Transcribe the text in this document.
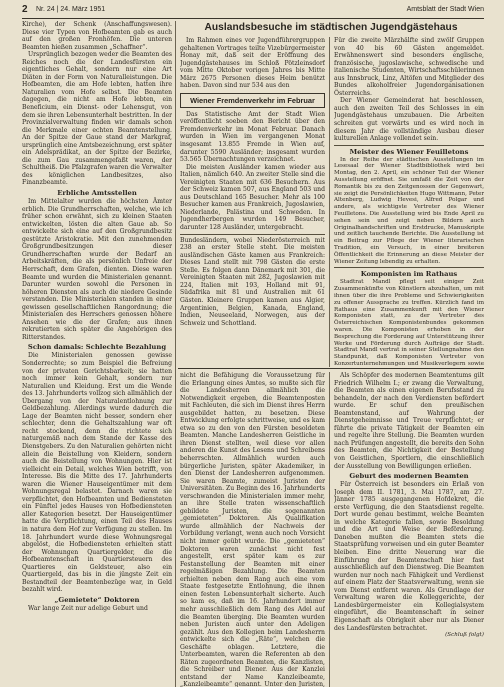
2 Nr. 24 | 24. März 1951	Amtsblatt der Stadt Wien

Kirche), der Schenk (Anschaffungswesen). Diese vier Typen von Hofbeamten gab es auch auf den großen Fronhöfen. Die unteren Beamten hießen zusammen „Schaffner“.

Ursprünglich bezogen weder die Beamten des Reiches noch die der Landesfürsten ein eigentliches Gehalt, sondern nur eine Art Diäten in der Form von Naturalleistungen. Die Hofbeamten, die am Hofe lebten, hatten ihre Naturalien vom Hofe selbst. Die Beamten dagegen, die nicht am Hofe lebten, ein Beneficium, ein Dienst- oder Lehensgut, von dem sie ihren Lebensunterhalt bestritten. In der Provinzialverwaltung finden wir damals schon die Merkmale einer echten Beamtenstellung. An der Spitze der Gaue stand der Markgraf, ursprünglich eine Amtsbezeichnung, erst später ein Adelsprädikat, an der Spitze der Bezirke, die zum Gau zusammengefaßt waren, der Schultheiß. Die Pfalzgrafen waren die Verwalter des königlichen Landbesitzes, also Finanzbeamte.

Erbliche Amtsstellen

Im Mittelalter wurden die höchsten Ämter erblich. Die Grundherrschaften, welche, wie ich früher schon erwähnt, sich zu kleinen Staaten entwickelten, lösten die alten Gaue ab. So entwickelte sich eine auf den Großgrundbesitz gestützte Aristokratie. Mit den zunehmenden Großgrundbesitzungen dieser Grundherrschaften wurde der Bedarf an Arbeitskräften, die als persönlich Unfreie der Herrschaft, dem Grafen, dienten. Diese waren Beamte und wurden die Ministerialen genannt. Darunter wurden sowohl die Personen in höheren Diensten als auch die niedere Gesinde verstanden. Die Ministerialen standen in einer gewissen gesellschaftlichen Rangordnung; die Ministerialen des Herrschers genossen höhere Ansehen wie die der Grafen; aus ihnen rekrutierten sich später die Angehörigen des Ritterstandes.

Schon damals: Schlechte Bezahlung

Die Ministerialen genossen gewisse Sonderrechte; so zum Beispiel die Befreiung von der privaten Gerichtsbarkeit; sie hatten noch immer kein Gehalt, sondern nur Naturalien und Kleidung. Erst um die Wende des 13. Jahrhunderts vollzog sich allmählich der Übergang von der Naturalentlohnung zur Geldbezahlung. Allerdings wurde dadurch die Lage der Beamten nicht besser, sondern eher schlechter, denn die Gehaltszahlung war oft recht stockend, denn die richtete sich naturgemäß nach dem Stande der Kasse des Dienstgebers. Zu den Naturalien gehörten nicht allein die Beistellung von Kleidern, sondern auch die Beistellung von Wohnungen. Hier ist vielleicht ein Detail, welches Wien betrifft, von Interesse. Bis die Mitte des 17. Jahrhunderts waren die Wiener Hauseigentümer mit dem Wohnungsregal belastet. Darnach waren sie verpflichtet, den Hofbeamten und Bediensteten ein Fünftel jedes Hauses von Hofbediensteten aller Kategorien besetzt. Der Hauseigentümer hatte die Verpflichtung, einen Teil des Hauses in natura dem Hof zur Verfügung zu stellen. Im 18. Jahrhundert wurde diese Wohnungsregal abgelöst, die Hofbediensteten erhielten statt der Wohnungen Quartiergelder, die die Hofbeamtenschaft in Quartiersteuern des Quartieres ein Geldsteuer, also ein Quartiergeld, das bis in die jüngste Zeit ein Bestandteil der Beamtenbezüge war, in Geld bezahlt wird.

„Gemietete“ Doktoren

War lange Zeit nur adelige Geburt und

Auslandsbesuche im städtischen Jugendgästehaus

Im Rahmen eines vor Jugendführergruppen gehaltenen Vortrages teilte Vizebürgermeister Honay mit, daß seit der Eröffnung des Jugendgästehauses im Schloß Pötzleinsdorf vom Mitte Oktober vorigen Jahres bis Mitte März 2675 Personen dieses Heim benützt haben. Davon sind nur 534 aus den

Wiener Fremdenverkehr im Februar

Das Statistische Amt der Stadt Wien veröffentlicht soeben den Bericht über den Fremdenverkehr im Monat Februar. Danach wurden in Wien im vergangenen Monat insgesamt 13.855 Fremde in Wien auf, darunter 5590 Ausländer; insgesamt wurden 53.565 Übernachtungen verzeichnet.

Die meisten Ausländer kamen wieder aus Italien, nämlich 640. An zweiter Stelle sind die Vereinigten Staaten mit 636 Besuchern. Aus der Schweiz kamen 507, aus England 503 und aus Deutschland 165 Besucher. Mehr als 100 Besucher kamen aus Frankreich, Jugoslawien, Niederlande, Palästina und Schweden. In Jugendherbergen wurden 149 Besucher, darunter 128 Ausländer, untergebracht.

Bundesländern, wobei Niederösterreich mit 238 an erster Stelle steht. Die meisten ausländischen Gäste kamen aus Frankreich: Dieses Land stellt mit 798 Gästen die erste Stelle. Es folgen dann Dänemark mit 301, die Vereinigten Staaten mit 282, Jugoslawien mit 224, Italien mit 193, Holland mit 91, Südafrika mit 81 und Australien mit 61 Gästen. Kleinere Gruppen kamen aus Algier, Argentinien, Belgien, Kanada, England, Indien, Neuseeland, Norwegen, aus der Schweiz und Schottland.

Für die zweite Märzhälfte sind zwölf Gruppen von 40 bis 60 Gästen angemeldet. Erwähnenswert sind besonders englische, französische, jugoslawische, schwedische und italienische Studenten, Wirtschaftsschülerinnen aus Innsbruck, Linz, Altöfen und Mitglieder des Bundes alkoholfreier Jugendorganisationen Österreichs.

Der Wiener Gemeinderat hat beschlossen, auch den zweiten Teil des Schlosses in ein Jugendgästehaus umzubauen. Die Arbeiten schreiten gut vorwärts und es wird noch in diesem Jahr die vollständige Ausbau dieser kulturellen Anlage vollendet sein.

Meister des Wiener Feuilletons

In der Reihe der städtischen Ausstellungen im Lesesaal der Wiener Stadtbibliothek wird bei Montag, den 2. April, ein schöner Teil der Wiener Ausstellung eröffnet. Sie umfaßt die Zeit von der Romantik bis zu den Zeitgenossen der Gegenwart, sie zeigt die Persönlichkeiten Hugo Wittmann, Peter Altenberg, Ludwig Hevesi, Alfred Polgar und andere, als wichtigste Vertreter des Wiener Feuilletons. Die Ausstellung wird bis Ende April zu sehen sein und zeigt neben Bildern auch Originalhandschriften und Erstdrucke, Manuskripte und zeitlich tauchende Berichte. Die Ausstellung ist ein Beitrag zur Pflege der Wiener literarischen Tradition, ein Versuch, in einer breiteren Öffentlichkeit die Erinnerung an diese Meister der Wiener Zeitung lebendig zu erhalten.

Komponisten im Rathaus

Stadtrat Mandl pflegt seit einiger Zeit Zusammenkünfte von Künstlern abzuhalten, um mit ihnen über die ihre Probleme und Schwierigkeiten zu offener Aussprache zu treffen. Kürzlich fand im Rathaus eine Zusammenkunft mit den Wiener Komponisten statt, zu der Vertreter des Österreichischen Komponistenbundes gekommen waren. Die Komponisten erhoben in der Besprechung die Forderung auf Unterstützung ihrer Werke und Förderung durch Aufträge der Stadt. Stadtrat Mandl vertrat in seiner Stellungnahme den Standpunkt, daß Komponisten Vertreter von Konzertunternehmungen und Musikverlegern sowie

nicht die Befähigung die Voraussetzung für die Erlangung eines Amtes, so mußte sich für die Landesherren allmählich die Notwendigkeit ergeben, die Beamtenposten mit Fachleuten, die sich im Dienst ihres Herrn ausgebildet hatten, zu besetzen. Diese Entwicklung erfolgte schrittweise, und es kam etwa so zu den von den Fürsten besoldeten Beamten. Manche Landesherren Geistliche in ihren Dienst stellten, weil diese vor allen anderen die Kunst des Lesens und Schreibens beherrschten. Allmählich wurden auch bürgerliche Juristen, später Akademiker, in den Dienst der Landesherren aufgenommen. Sie waren Beamte, zumeist Juristen der Universitäten. Zu Beginn des 16. Jahrhunderts verschwanden die Ministerialen immer mehr, an ihre Stelle traten wissenschaftlich gebildete Juristen, die sogenannten „gemieteten“ Doktoren. Als Qualifikation wurde allmählich der Nachweis der Vorbildung verlangt, wenn auch noch Vorsicht nicht immer geübt wurde. Die „gemieteten“ Doktoren waren zunächst nicht fest angestellt, erst später kam es zur Festanstellung der Beamten mit einer regelmäßigen Bezahlung. Die Beamten erhielten neben dem Rang auch eine vom Staate festgesetzte Entlohnung, die ihnen einen festen Lebensunterhalt sicherte. Auch so kam es, daß im 16. Jahrhundert immer mehr ausschließlich dem Rang des Adel auf die Beamten überging. Die Beamten wurden neben Juristen auch unter den Adeligen gezählt. Aus den Kollegien beim Landesherrn entwickelte sich die „Räte“, welchen die Geschäfte oblagen. Letztere, die Unterbeamten, waren die Referenten ab den Räten zugeordneten Beamten, die Kanzlisten, die Schreiber und Diener. Aus der Kanzlei entstand der Name Kanzleibeamte, „Kanzleibeamte“ genannt. Unter den Juristen,

Als Schöpfer des modernen Beamtentums gilt Friedrich Wilhelm I.; er zwang die Verwaltung, die Beamten als einen eigenen Berufsstand zu behandeln, der nach den Verdiensten befördert wurde. Er schuf den preußischen Beamtenstand, auf Wahrung der Dienstgeheimnisse und Treue verpflichtet; er führte die private Tätigkeit der Beamten ein und regelte ihre Stellung. Die Beamten wurden nach Prüfungen angestellt, die bereits den Sohn des Beamten, die Nichtigkeit der Bestellung von Geistlichen, Sportlern, die einschließlich der Ausstellung von Bewilligungen erließen.

Geburt des modernen Beamten

Für Österreich ist besonders ein Erlaß von Joseph dem II. 1781, 3. Mai 1787, am 27. Jänner 1785 ausgegangenen Hofdekret, die erste Verfügung, die den Staatsdienst regelte. Dort wurde genau bestimmt, welche Beamten in welche Kategorie fallen, sowie Besoldung und die Art und Weise der Beförderung. Daneben mußten die Beamten stets die Staatsprüfung vorweisen und ein guter Beamter bleiben. Eine dritte Neuerung war die Einführung der Beamtenschaft hier fast ausschließlich auf den Dienstweg. Die Beamten wurden nur noch nach Fähigkeit und Verdienst auf einem Platz der Staatsverwaltung, wenn sie vom Dienst entfernt waren. Als Grundlage der Verwaltung waren die Kolleggerichte, der Landesbürgermeister ein Kollegialsystem eingeführt, die Beamtenschaft in seiner Eigenschaft als Obrigkeit aber nur als Diener des Landesfürsten betrachtet.

(Schluß folgt)
